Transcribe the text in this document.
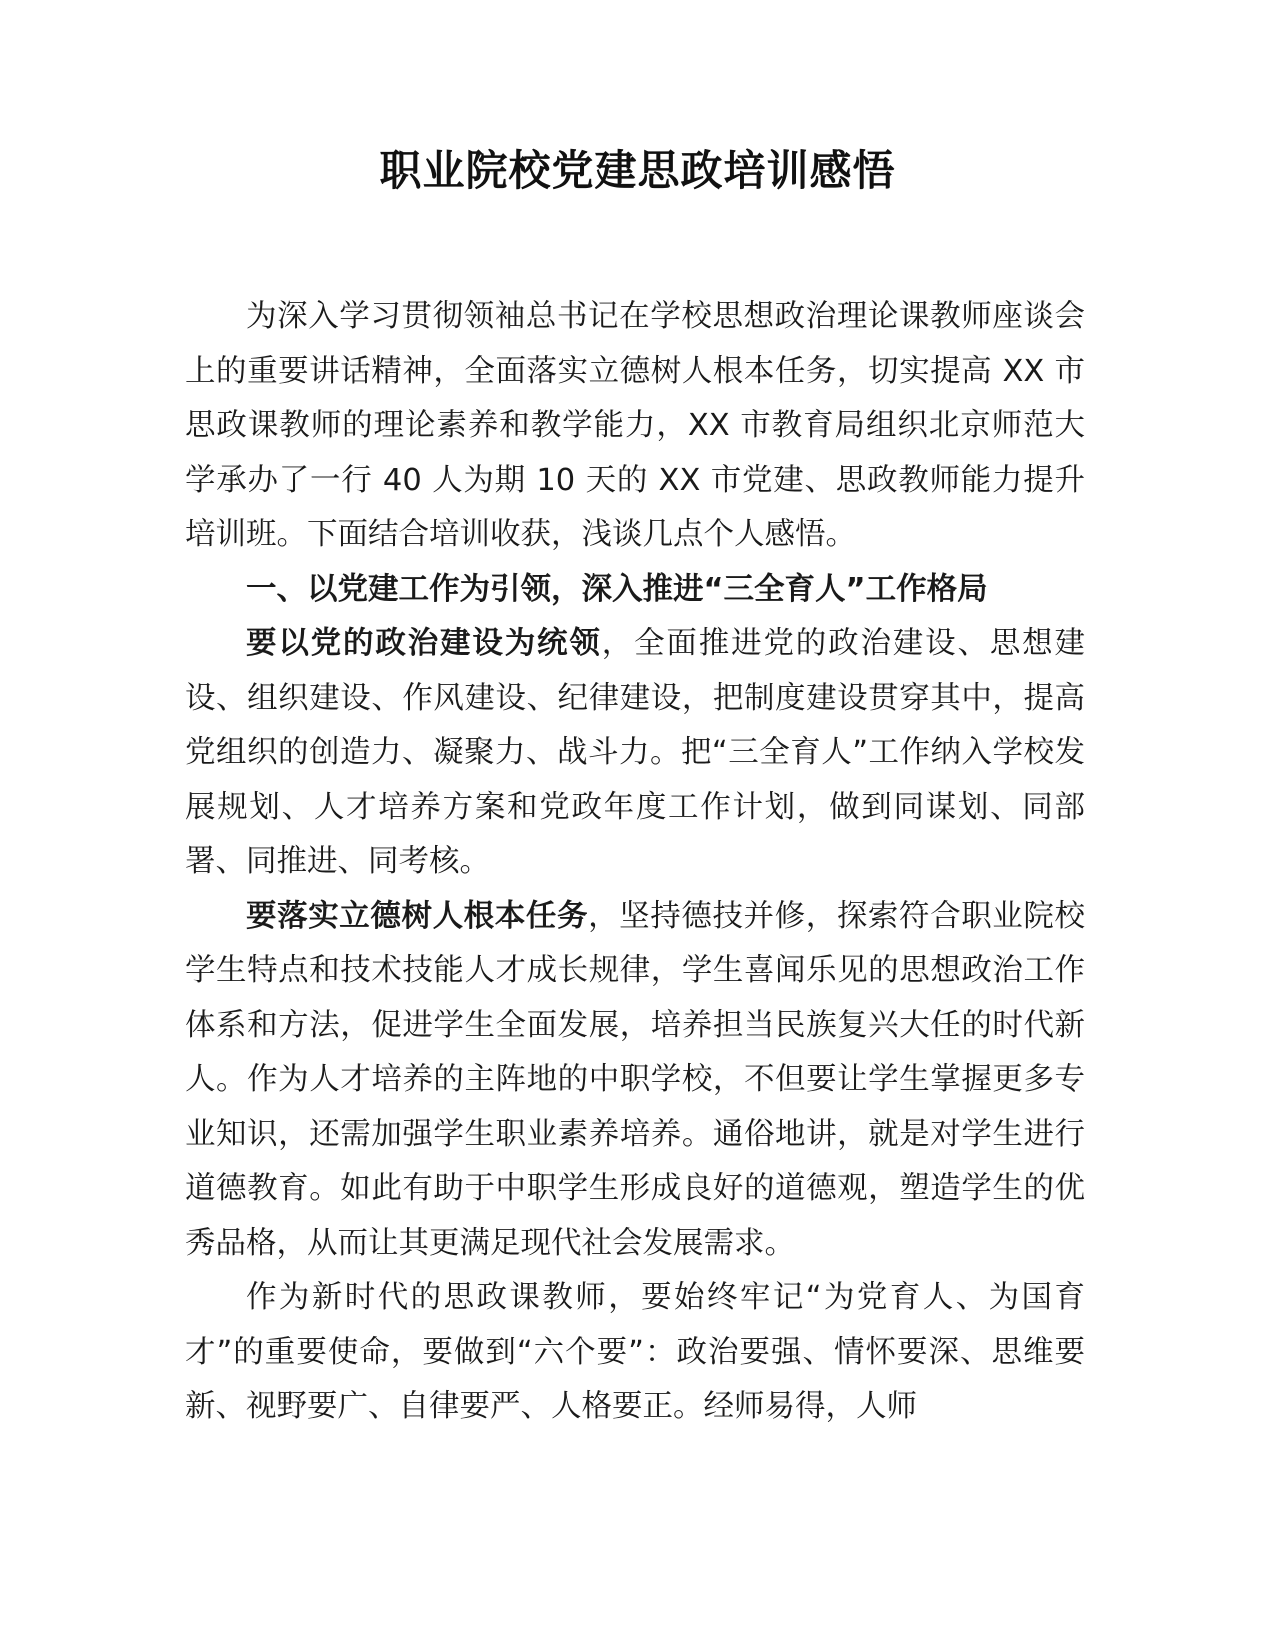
职业院校党建思政培训感悟

为深入学习贯彻领袖总书记在学校思想政治理论课教师座谈会上的重要讲话精神，全面落实立德树人根本任务，切实提高 XX 市思政课教师的理论素养和教学能力，XX 市教育局组织北京师范大学承办了一行 40 人为期 10 天的 XX 市党建、思政教师能力提升培训班。下面结合培训收获，浅谈几点个人感悟。

一、以党建工作为引领，深入推进“三全育人”工作格局

要以党的政治建设为统领，全面推进党的政治建设、思想建设、组织建设、作风建设、纪律建设，把制度建设贯穿其中，提高党组织的创造力、凝聚力、战斗力。把“三全育人”工作纳入学校发展规划、人才培养方案和党政年度工作计划，做到同谋划、同部署、同推进、同考核。

要落实立德树人根本任务，坚持德技并修，探索符合职业院校学生特点和技术技能人才成长规律，学生喜闻乐见的思想政治工作体系和方法，促进学生全面发展，培养担当民族复兴大任的时代新人。作为人才培养的主阵地的中职学校，不但要让学生掌握更多专业知识，还需加强学生职业素养培养。通俗地讲，就是对学生进行道德教育。如此有助于中职学生形成良好的道德观，塑造学生的优秀品格，从而让其更满足现代社会发展需求。

作为新时代的思政课教师，要始终牢记“为党育人、为国育才”的重要使命，要做到“六个要”：政治要强、情怀要深、思维要新、视野要广、自律要严、人格要正。经师易得，人师
